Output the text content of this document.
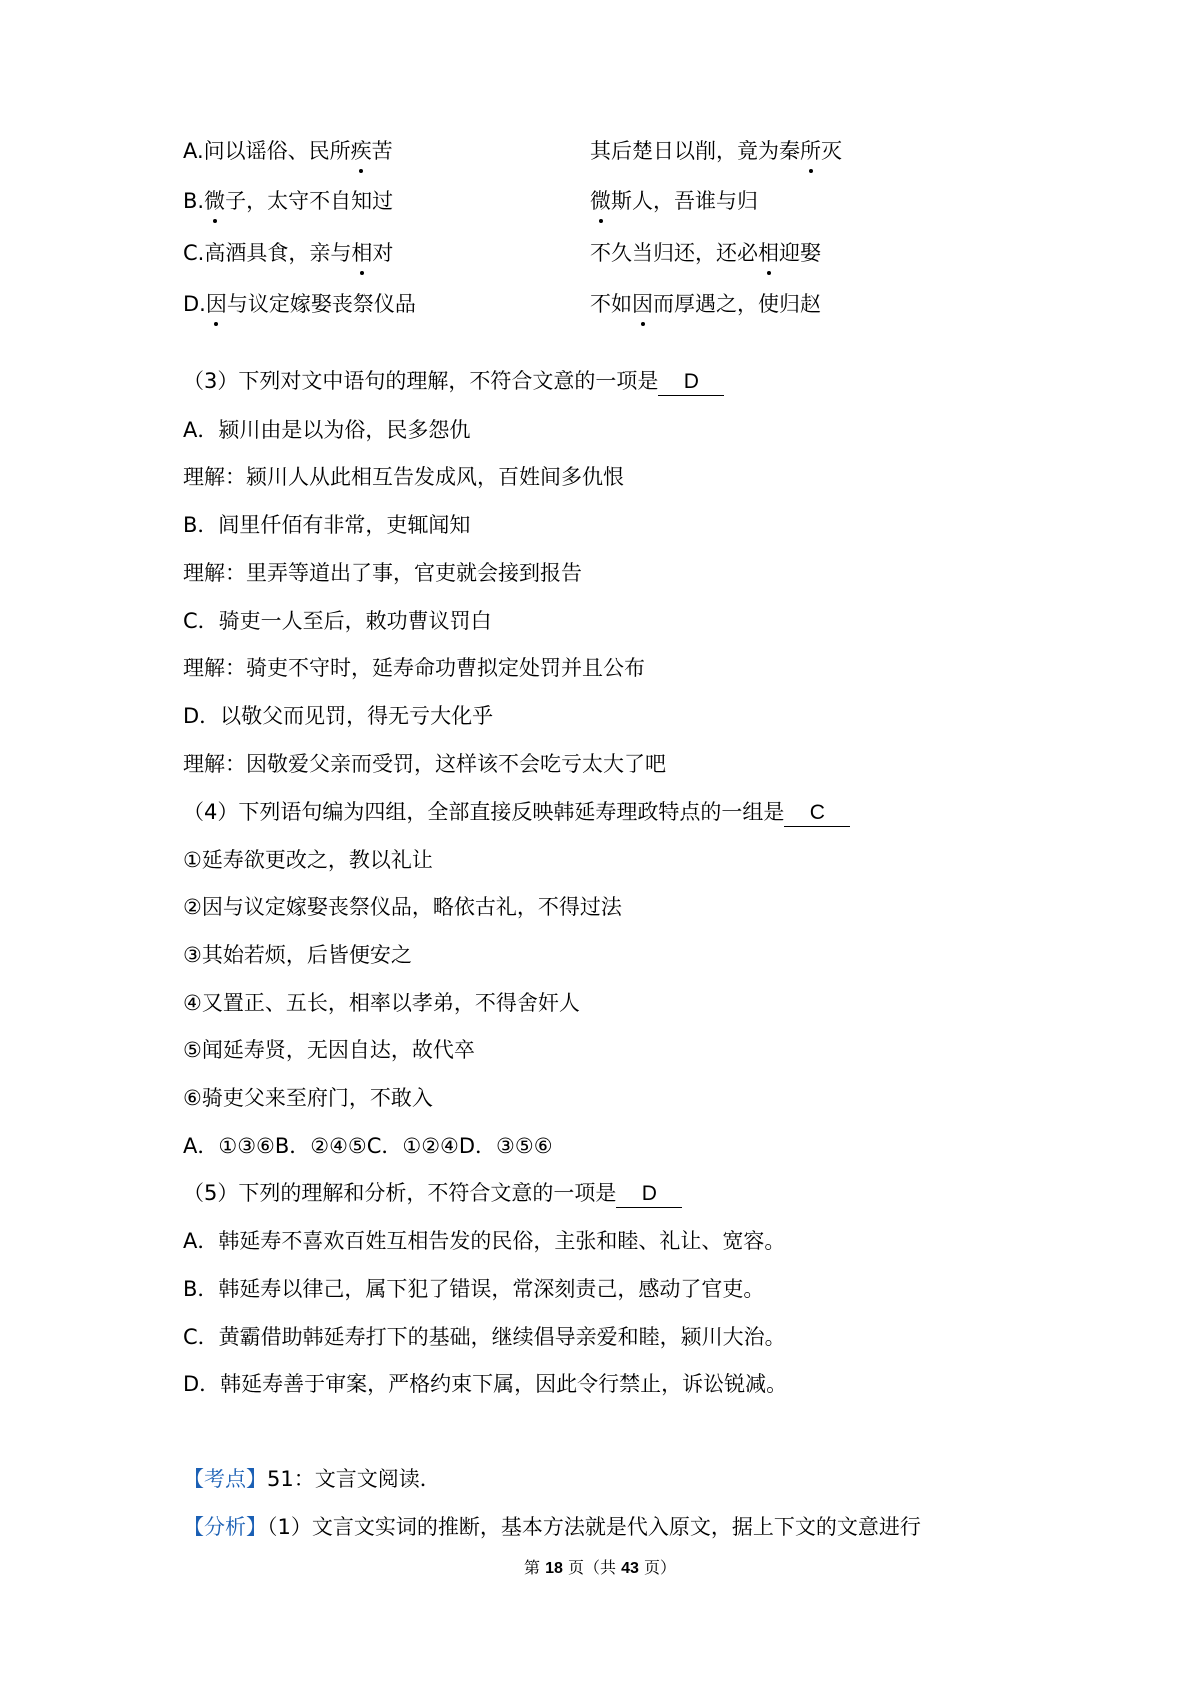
A.问以谣俗、民所疾苦	其后楚日以削，竟为秦所灭
B.微子，太守不自知过	微斯人，吾谁与归
C.高酒具食，亲与相对	不久当归还，还必相迎娶
D.因与议定嫁娶丧祭仪品	不如因而厚遇之，使归赵
（3）下列对文中语句的理解，不符合文意的一项是 D
A．颍川由是以为俗，民多怨仇
理解：颍川人从此相互告发成风，百姓间多仇恨
B．闾里仟佰有非常，吏辄闻知
理解：里弄等道出了事，官吏就会接到报告
C．骑吏一人至后，敕功曹议罚白
理解：骑吏不守时，延寿命功曹拟定处罚并且公布
D．以敬父而见罚，得无亏大化乎
理解：因敬爱父亲而受罚，这样该不会吃亏太大了吧
（4）下列语句编为四组，全部直接反映韩延寿理政特点的一组是 C
①延寿欲更改之，教以礼让
②因与议定嫁娶丧祭仪品，略依古礼，不得过法
③其始若烦，后皆便安之
④又置正、五长，相率以孝弟，不得舍奸人
⑤闻延寿贤，无因自达，故代卒
⑥骑吏父来至府门，不敢入
A．①③⑥B．②④⑤C．①②④D．③⑤⑥
（5）下列的理解和分析，不符合文意的一项是 D
A．韩延寿不喜欢百姓互相告发的民俗，主张和睦、礼让、宽容。
B．韩延寿以律己，属下犯了错误，常深刻责己，感动了官吏。
C．黄霸借助韩延寿打下的基础，继续倡导亲爱和睦，颍川大治。
D．韩延寿善于审案，严格约束下属，因此令行禁止，诉讼锐减。
【考点】51：文言文阅读．
【分析】（1）文言文实词的推断，基本方法就是代入原文，据上下文的文意进行
第 18 页（共 43 页）
